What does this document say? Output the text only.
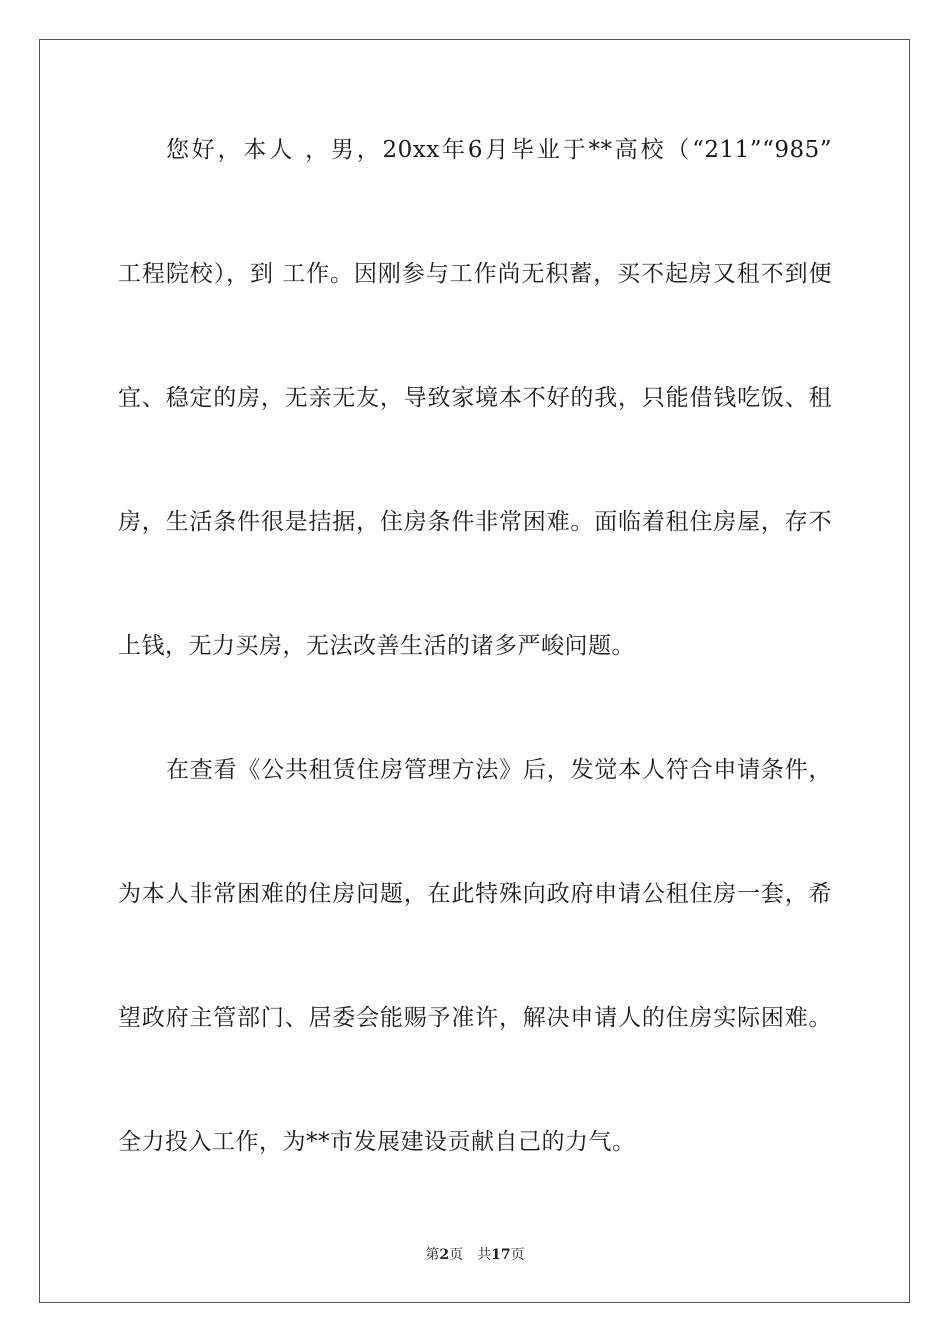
您好，本人 ，男，20xx年6月毕业于**高校（“211”“985”
工程院校），到 工作。因刚参与工作尚无积蓄，买不起房又租不到便
宜、稳定的房，无亲无友，导致家境本不好的我，只能借钱吃饭、租
房，生活条件很是拮据，住房条件非常困难。面临着租住房屋，存不
上钱，无力买房，无法改善生活的诸多严峻问题。
在查看《公共租赁住房管理方法》后，发觉本人符合申请条件，
为本人非常困难的住房问题，在此特殊向政府申请公租住房一套，希
望政府主管部门、居委会能赐予准许，解决申请人的住房实际困难。
全力投入工作，为**市发展建设贡献自己的力气。
第2页 共17页
